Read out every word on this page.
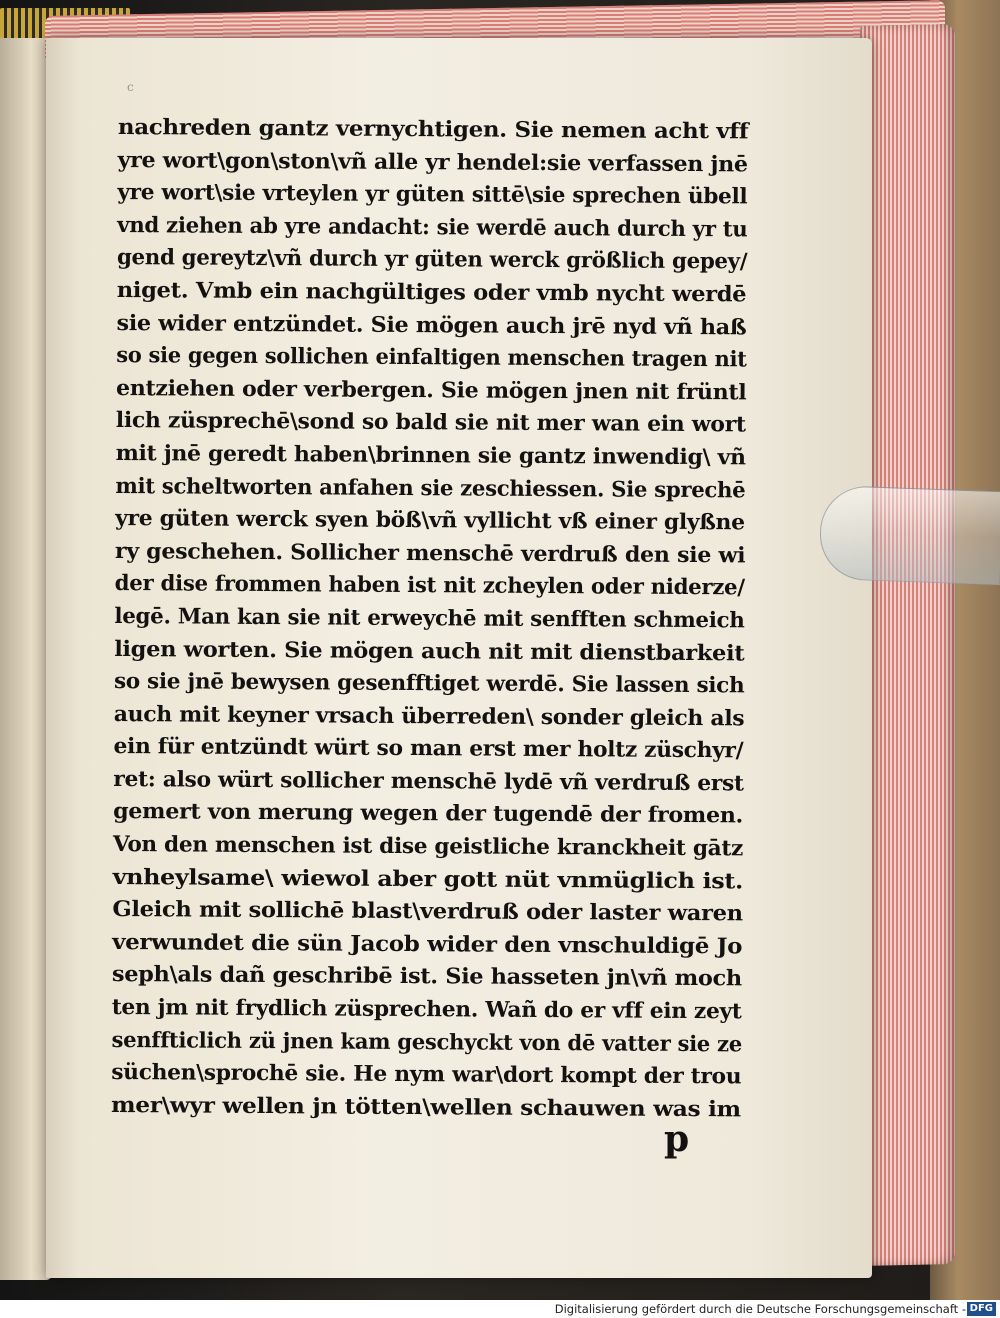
c
nachreden gantz vernychtigen. Sie nemen acht vff
yre wort\gon\ston\vñ alle yr hendel:sie verfassen jnē
yre wort\sie vrteylen yr güten sittē\sie sprechen übell
vnd ziehen ab yre andacht: sie werdē auch durch yr tu
gend gereytz\vñ durch yr güten werck größlich gepey/
niget. Vmb ein nachgültiges oder vmb nycht werdē
sie wider entzündet. Sie mögen auch jrē nyd vñ haß
so sie gegen sollichen einfaltigen menschen tragen nit
entziehen oder verbergen. Sie mögen jnen nit früntl
lich züsprechē\sond so bald sie nit mer wan ein wort
mit jnē geredt haben\brinnen sie gantz inwendig\ vñ
mit scheltworten anfahen sie zeschiessen. Sie sprechē
yre güten werck syen böß\vñ vyllicht vß einer glyßne
ry geschehen. Sollicher menschē verdruß den sie wi
der dise frommen haben ist nit zcheylen oder niderze/
legē. Man kan sie nit erweychē mit senfften schmeich
ligen worten. Sie mögen auch nit mit dienstbarkeit
so sie jnē bewysen gesenfftiget werdē. Sie lassen sich
auch mit keyner vrsach überreden\ sonder gleich als
ein für entzündt würt so man erst mer holtz züschyr/
ret: also würt sollicher menschē lydē vñ verdruß erst
gemert von merung wegen der tugendē der fromen.
Von den menschen ist dise geistliche kranckheit gātz
vnheylsame\ wiewol aber gott nüt vnmüglich ist.
Gleich mit sollichē blast\verdruß oder laster waren
verwundet die sün Jacob wider den vnschuldigē Jo
seph\als dañ geschribē ist. Sie hasseten jn\vñ moch
ten jm nit frydlich züsprechen. Wañ do er vff ein zeyt
senffticlich zü jnen kam geschyckt von dē vatter sie ze
süchen\sprochē sie. He nym war\dort kompt der trou
mer\wyr wellen jn tötten\wellen schauwen was im
p
Digitalisierung gefördert durch die Deutsche Forschungsgemeinschaft - DFG
